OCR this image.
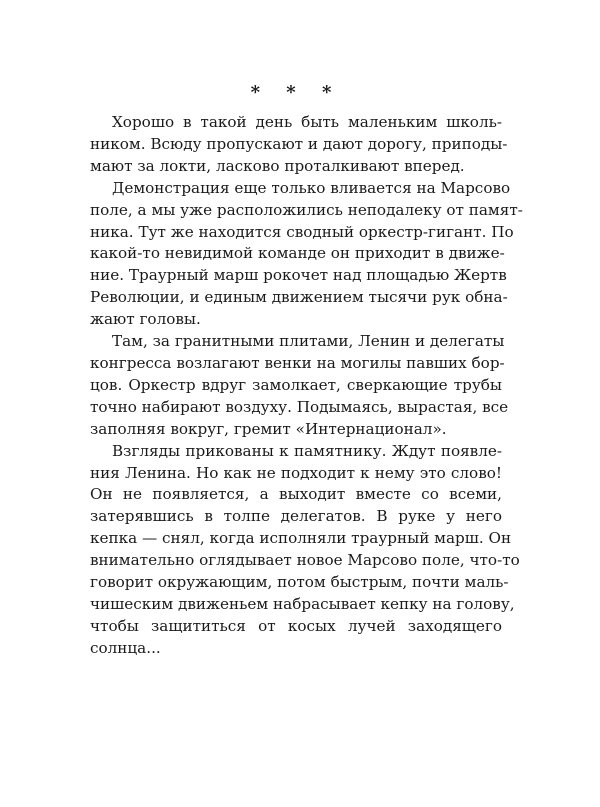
* * *
Хорошо в такой день быть маленьким школь-
ником. Всюду пропускают и дают дорогу, приподы-
мают за локти, ласково проталкивают вперед.
Демонстрация еще только вливается на Марсово
поле, а мы уже расположились неподалеку от памят-
ника. Тут же находится сводный оркестр-гигант. По
какой-то невидимой команде он приходит в движе-
ние. Траурный марш рокочет над площадью Жертв
Революции, и единым движением тысячи рук обна-
жают головы.
Там, за гранитными плитами, Ленин и делегаты
конгресса возлагают венки на могилы павших бор-
цов. Оркестр вдруг замолкает, сверкающие трубы
точно набирают воздуху. Подымаясь, вырастая, все
заполняя вокруг, гремит «Интернационал».
Взгляды прикованы к памятнику. Ждут появле-
ния Ленина. Но как не подходит к нему это слово!
Он не появляется, а выходит вместе со всеми,
затерявшись в толпе делегатов. В руке у него
кепка — снял, когда исполняли траурный марш. Он
внимательно оглядывает новое Марсово поле, что-то
говорит окружающим, потом быстрым, почти маль-
чишеским движеньем набрасывает кепку на голову,
чтобы защититься от косых лучей заходящего
солнца...
